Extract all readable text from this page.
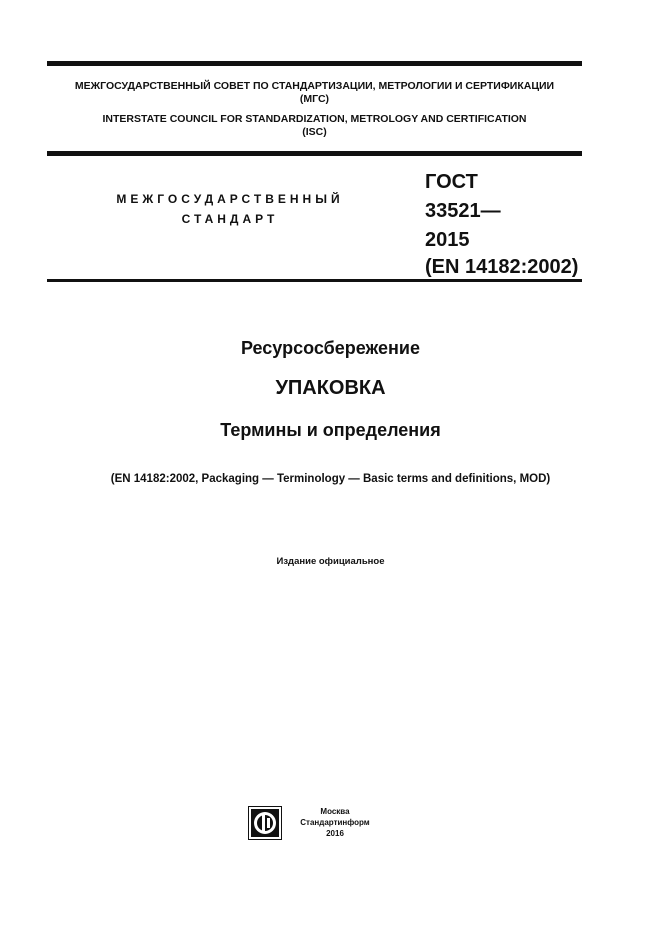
МЕЖГОСУДАРСТВЕННЫЙ СОВЕТ ПО СТАНДАРТИЗАЦИИ, МЕТРОЛОГИИ И СЕРТИФИКАЦИИ
(МГС)
INTERSTATE COUNCIL FOR STANDARDIZATION, METROLOGY AND CERTIFICATION
(ISC)
МЕЖГОСУДАРСТВЕННЫЙ
СТАНДАРТ
ГОСТ
33521—
2015
(EN 14182:2002)
Ресурсосбережение
УПАКОВКА
Термины и определения
(EN 14182:2002, Packaging — Terminology — Basic terms and definitions, MOD)
Издание официальное
Москва
Стандартинформ
2016
